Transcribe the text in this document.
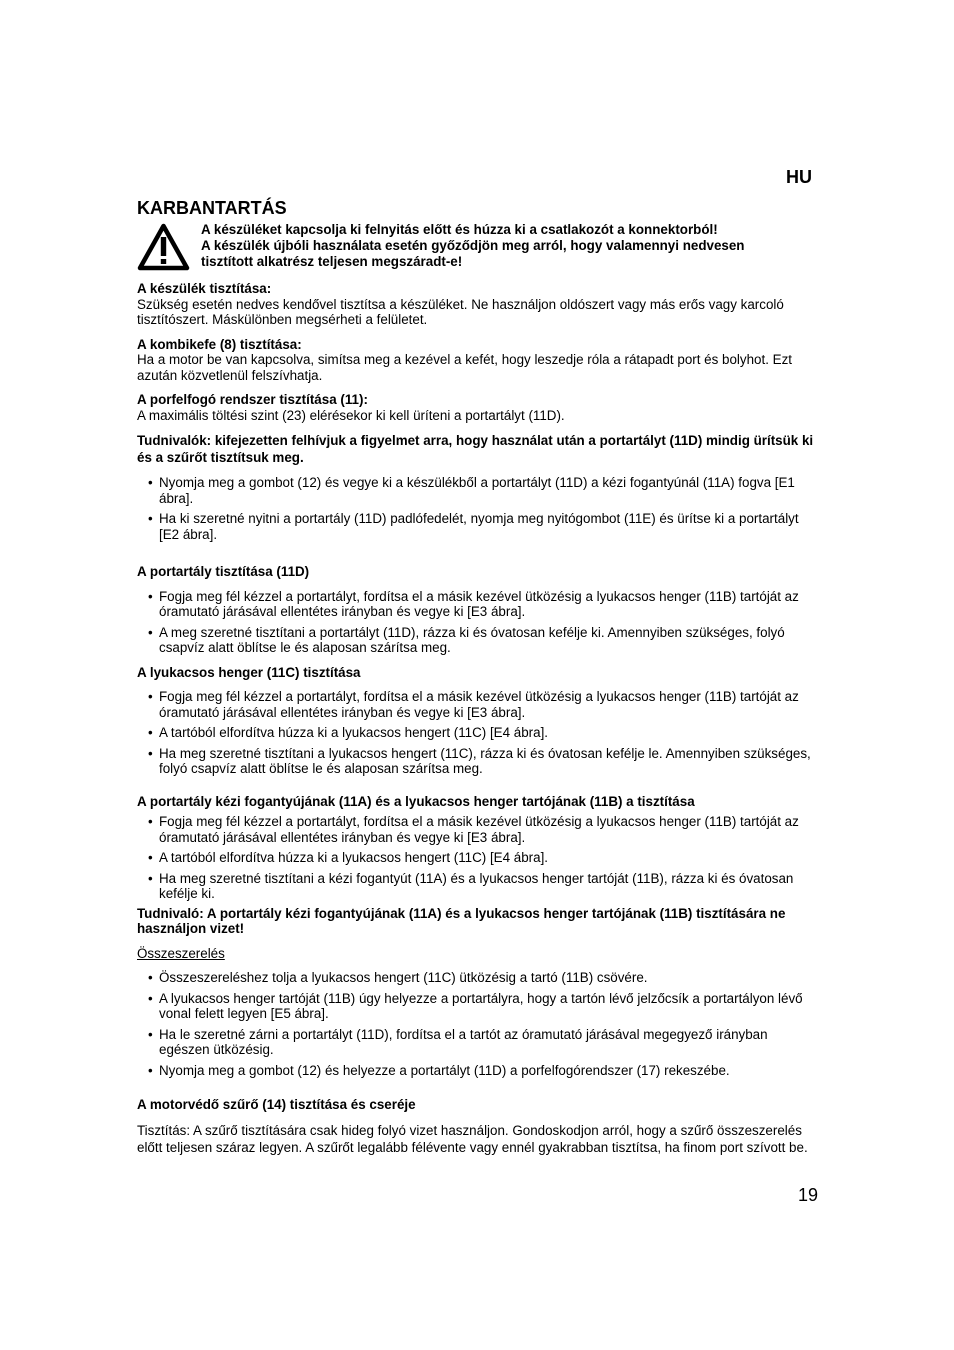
HU
KARBANTARTÁS
A készüléket kapcsolja ki felnyitás előtt és húzza ki a csatlakozót a konnektorból!
A készülék újbóli használata esetén győződjön meg arról, hogy valamennyi nedvesen
tisztított alkatrész teljesen megszáradt-e!

A készülék tisztítása:

Szükség esetén nedves kendővel tisztítsa a készüléket. Ne használjon oldószert vagy más erős vagy karcoló tisztítószert. Máskülönben megsérheti a felületet.

A kombikefe (8) tisztítása:

Ha a motor be van kapcsolva, simítsa meg a kezével a kefét, hogy leszedje róla a rátapadt port és bolyhot. Ezt azután közvetlenül felszívhatja.

A porfelfogó rendszer tisztítása (11):

A maximális töltési szint (23) elérésekor ki kell üríteni a portartályt (11D).

Tudnivalók: kifejezetten felhívjuk a figyelmet arra, hogy használat után a portartályt (11D) mindig ürítsük ki és a szűrőt tisztítsuk meg.

• Nyomja meg a gombot (12) és vegye ki a készülékből a portartályt (11D) a kézi fogantyúnál (11A) fogva [E1 ábra].
• Ha ki szeretné nyitni a portartály (11D) padlófedelét, nyomja meg nyitógombot (11E) és ürítse ki a portartályt [E2 ábra].

A portartály tisztítása (11D)

• Fogja meg fél kézzel a portartályt, fordítsa el a másik kezével ütközésig a lyukacsos henger (11B) tartóját az óramutató járásával ellentétes irányban és vegye ki [E3 ábra].
• A meg szeretné tisztítani a portartályt (11D), rázza ki és óvatosan kefélje ki. Amennyiben szükséges, folyó csapvíz alatt öblítse le és alaposan szárítsa meg.

A lyukacsos henger (11C) tisztítása

• Fogja meg fél kézzel a portartályt, fordítsa el a másik kezével ütközésig a lyukacsos henger (11B) tartóját az óramutató járásával ellentétes irányban és vegye ki [E3 ábra].
• A tartóból elfordítva húzza ki a lyukacsos hengert (11C) [E4 ábra].
• Ha meg szeretné tisztítani a lyukacsos hengert (11C), rázza ki és óvatosan kefélje le. Amennyiben szükséges, folyó csapvíz alatt öblítse le és alaposan szárítsa meg.

A portartály kézi fogantyújának (11A) és a lyukacsos henger tartójának (11B) a tisztítása

• Fogja meg fél kézzel a portartályt, fordítsa el a másik kezével ütközésig a lyukacsos henger (11B) tartóját az óramutató járásával ellentétes irányban és vegye ki [E3 ábra].
• A tartóból elfordítva húzza ki a lyukacsos hengert (11C) [E4 ábra].
• Ha meg szeretné tisztítani a kézi fogantyút (11A) és a lyukacsos henger tartóját (11B), rázza ki és óvatosan kefélje ki.

Tudnivaló: A portartály kézi fogantyújának (11A) és a lyukacsos henger tartójának (11B) tisztítására ne használjon vizet!

Összeszerelés

• Összeszereléshez tolja a lyukacsos hengert (11C) ütközésig a tartó (11B) csövére.
• A lyukacsos henger tartóját (11B) úgy helyezze a portartályra, hogy a tartón lévő jelzőcsík a portartályon lévő vonal felett legyen [E5 ábra].
• Ha le szeretné zárni a portartályt (11D), fordítsa el a tartót az óramutató járásával megegyező irányban egészen ütközésig.
• Nyomja meg a gombot (12) és helyezze a portartályt (11D) a porfelfogórendszer (17) rekeszébe.

A motorvédő szűrő (14) tisztítása és cseréje

Tisztítás: A szűrő tisztítására csak hideg folyó vizet használjon. Gondoskodjon arról, hogy a szűrő összeszerelés előtt teljesen száraz legyen. A szűrőt legalább félévente vagy ennél gyakrabban tisztítsa, ha finom port szívott be.

19
